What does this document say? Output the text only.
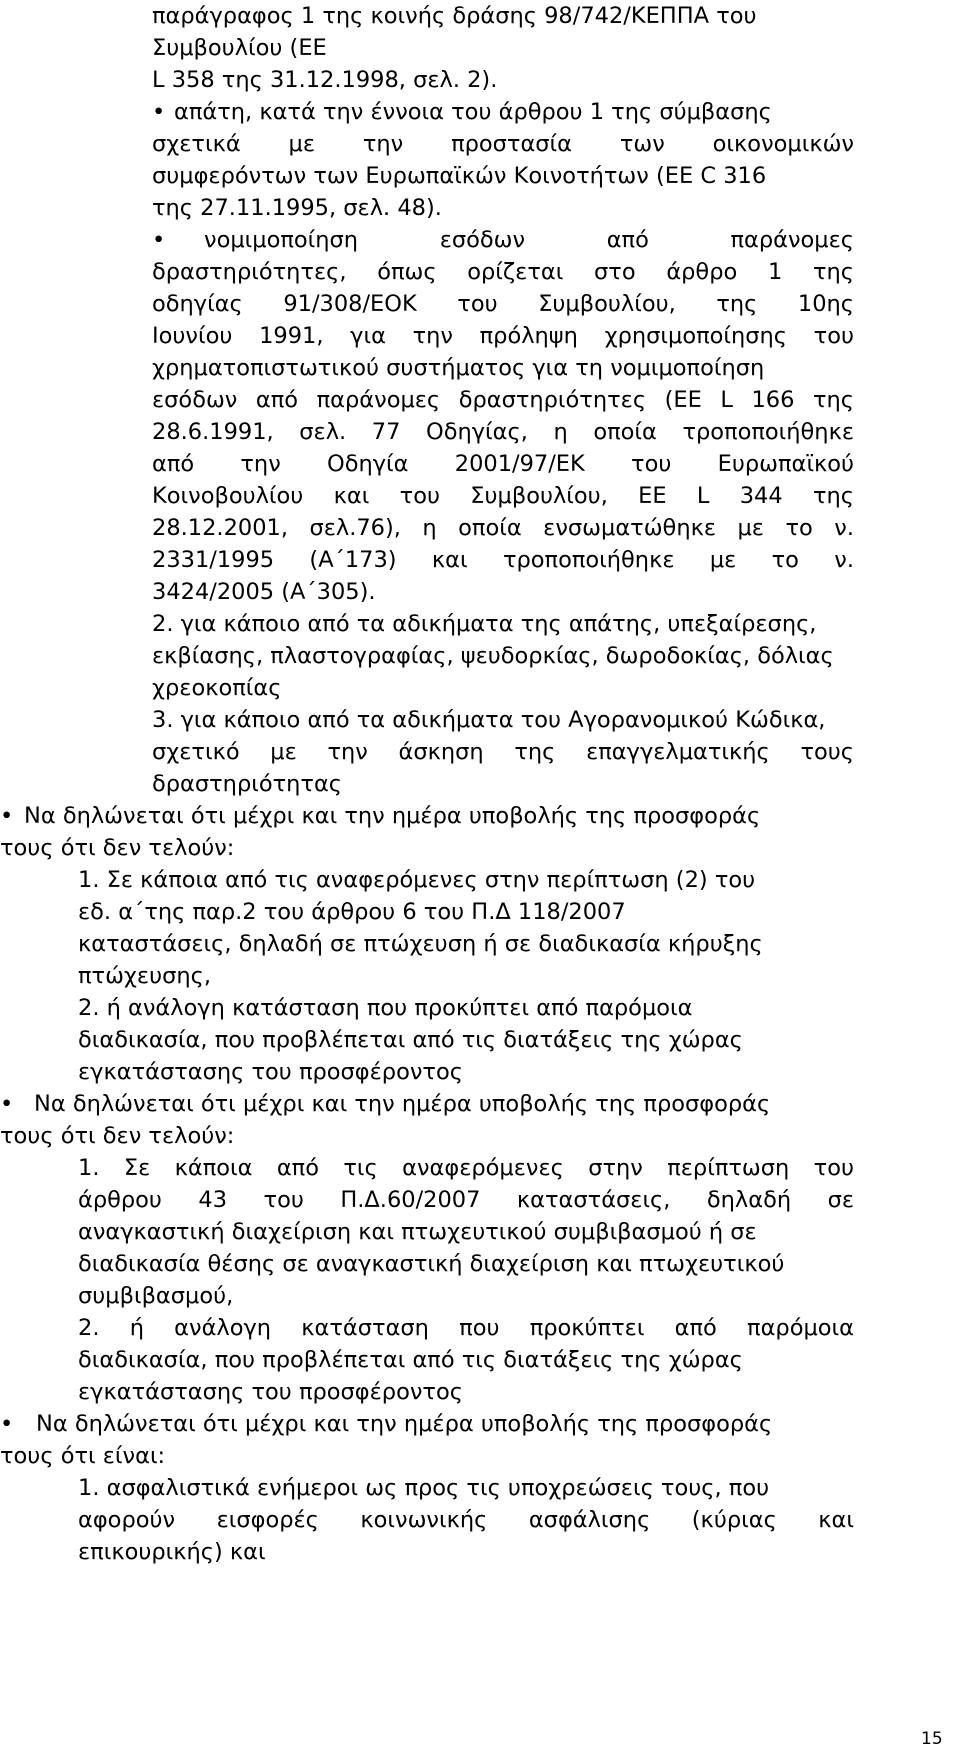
παράγραφος 1 της κοινής δράσης 98/742/ΚΕΠΠΑ του
Συμβουλίου (ΕΕ
L 358 της 31.12.1998, σελ. 2).
• απάτη, κατά την έννοια του άρθρου 1 της σύμβασης
σχετικά με την προστασία των οικονομικών
συμφερόντων των Ευρωπαϊκών Κοινοτήτων (ΕΕ C 316
της 27.11.1995, σελ. 48).
•	νομιμοποίηση εσόδων από παράνομες
δραστηριότητες, όπως ορίζεται στο άρθρο 1 της
οδηγίας 91/308/ΕΟΚ του Συμβουλίου, της 10ης
Ιουνίου 1991, για την πρόληψη χρησιμοποίησης του
χρηματοπιστωτικού συστήματος για τη νομιμοποίηση
εσόδων από παράνομες δραστηριότητες (ΕΕ L 166 της
28.6.1991, σελ. 77 Οδηγίας, η οποία τροποποιήθηκε
από την Οδηγία 2001/97/ΕΚ του Ευρωπαϊκού
Κοινοβουλίου και του Συμβουλίου, ΕΕ L 344 της
28.12.2001, σελ.76), η οποία ενσωματώθηκε με το ν.
2331/1995 (Α΄173) και τροποποιήθηκε με το ν.
3424/2005 (Α΄305).
2. για κάποιο από τα αδικήματα της απάτης, υπεξαίρεσης,
εκβίασης, πλαστογραφίας, ψευδορκίας, δωροδοκίας, δόλιας
χρεοκοπίας
3. για κάποιο από τα αδικήματα του Αγορανομικού Κώδικα,
σχετικό με την άσκηση της επαγγελματικής τους
δραστηριότητας
• Να δηλώνεται ότι μέχρι και την ημέρα υποβολής της προσφοράς
τους ότι δεν τελούν:
1. Σε κάποια από τις αναφερόμενες στην περίπτωση (2) του
εδ. α΄της παρ.2 του άρθρου 6 του Π.Δ 118/2007
καταστάσεις, δηλαδή σε πτώχευση ή σε διαδικασία κήρυξης
πτώχευσης,
2. ή ανάλογη κατάσταση που προκύπτει από παρόμοια
διαδικασία, που προβλέπεται από τις διατάξεις της χώρας
εγκατάστασης του προσφέροντος
• Να δηλώνεται ότι μέχρι και την ημέρα υποβολής της προσφοράς
τους ότι δεν τελούν:
1. Σε κάποια από τις αναφερόμενες στην περίπτωση του
άρθρου 43 του Π.Δ.60/2007 καταστάσεις, δηλαδή σε
αναγκαστική διαχείριση και πτωχευτικού συμβιβασμού ή σε
διαδικασία θέσης σε αναγκαστική διαχείριση και πτωχευτικού
συμβιβασμού,
2. ή ανάλογη κατάσταση που προκύπτει από παρόμοια
διαδικασία, που προβλέπεται από τις διατάξεις της χώρας
εγκατάστασης του προσφέροντος
• Να δηλώνεται ότι μέχρι και την ημέρα υποβολής της προσφοράς
τους ότι είναι:
1. ασφαλιστικά ενήμεροι ως προς τις υποχρεώσεις τους, που
αφορούν εισφορές κοινωνικής ασφάλισης (κύριας και
επικουρικής) και
15
